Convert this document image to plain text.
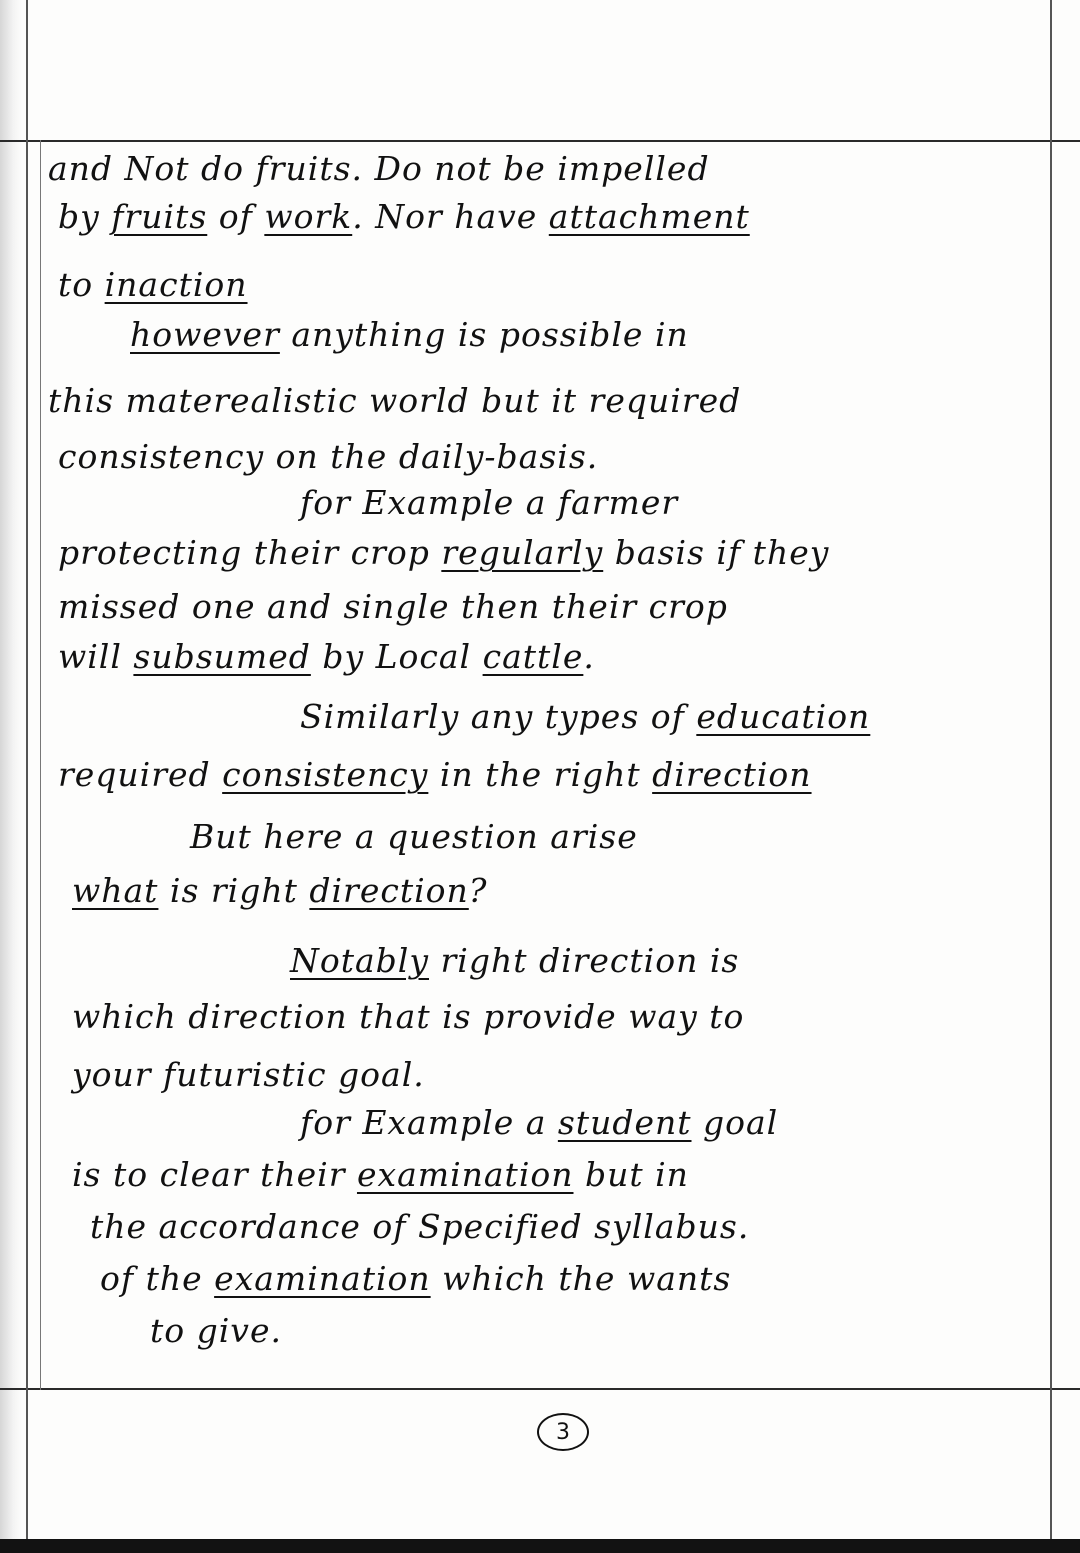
and Not do fruits. Do not be impelled
by fruits of work. Nor have attachment
to inaction
however anything is possible in
this materealistic world but it required
consistency on the daily-basis.
for Example a farmer
protecting their crop regularly basis if they
missed one and single then their crop
will subsumed by Local cattle.
Similarly any types of education
required consistency in the right direction
But here a question arise
what is right direction?
Notably right direction is
which direction that is provide way to
your futuristic goal.
for Example a student goal
is to clear their examination but in
the accordance of Specified syllabus.
of the examination which the wants
to give.
3
